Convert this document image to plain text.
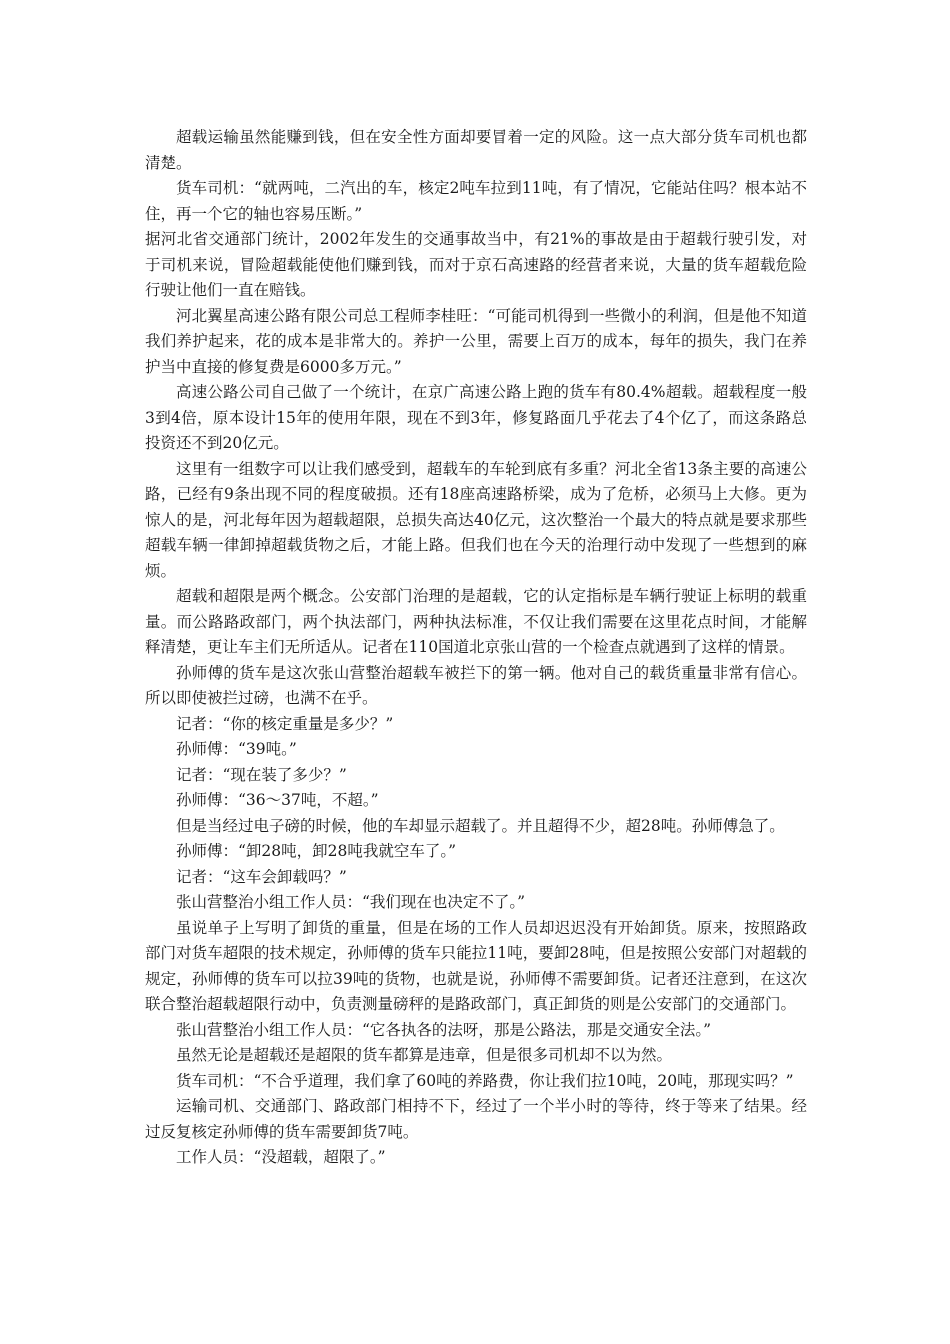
超载运输虽然能赚到钱，但在安全性方面却要冒着一定的风险。这一点大部分货车司机也都清楚。

货车司机：“就两吨，二汽出的车，核定2吨车拉到11吨，有了情况，它能站住吗？根本站不住，再一个它的轴也容易压断。”

据河北省交通部门统计，2002年发生的交通事故当中，有21%的事故是由于超载行驶引发，对于司机来说，冒险超载能使他们赚到钱，而对于京石高速路的经营者来说，大量的货车超载危险行驶让他们一直在赔钱。

河北翼星高速公路有限公司总工程师李桂旺：“可能司机得到一些微小的利润，但是他不知道我们养护起来，花的成本是非常大的。养护一公里，需要上百万的成本，每年的损失，我门在养护当中直接的修复费是6000多万元。”

高速公路公司自己做了一个统计，在京广高速公路上跑的货车有80.4%超载。超载程度一般3到4倍，原本设计15年的使用年限，现在不到3年，修复路面几乎花去了4个亿了，而这条路总投资还不到20亿元。

这里有一组数字可以让我们感受到，超载车的车轮到底有多重？河北全省13条主要的高速公路，已经有9条出现不同的程度破损。还有18座高速路桥梁，成为了危桥，必须马上大修。更为惊人的是，河北每年因为超载超限，总损失高达40亿元，这次整治一个最大的特点就是要求那些超载车辆一律卸掉超载货物之后，才能上路。但我们也在今天的治理行动中发现了一些想到的麻烦。

超载和超限是两个概念。公安部门治理的是超载，它的认定指标是车辆行驶证上标明的载重量。而公路路政部门，两个执法部门，两种执法标准，不仅让我们需要在这里花点时间，才能解释清楚，更让车主们无所适从。记者在110国道北京张山营的一个检查点就遇到了这样的情景。

孙师傅的货车是这次张山营整治超载车被拦下的第一辆。他对自己的载货重量非常有信心。所以即使被拦过磅，也满不在乎。

记者：“你的核定重量是多少？”

孙师傅：“39吨。”

记者：“现在装了多少？”

孙师傅：“36～37吨，不超。”

但是当经过电子磅的时候，他的车却显示超载了。并且超得不少，超28吨。孙师傅急了。

孙师傅：“卸28吨，卸28吨我就空车了。”

记者：“这车会卸载吗？”

张山营整治小组工作人员：“我们现在也决定不了。”

虽说单子上写明了卸货的重量，但是在场的工作人员却迟迟没有开始卸货。原来，按照路政部门对货车超限的技术规定，孙师傅的货车只能拉11吨，要卸28吨，但是按照公安部门对超载的规定，孙师傅的货车可以拉39吨的货物，也就是说，孙师傅不需要卸货。记者还注意到，在这次联合整治超载超限行动中，负责测量磅秤的是路政部门，真正卸货的则是公安部门的交通部门。

张山营整治小组工作人员：“它各执各的法呀，那是公路法，那是交通安全法。”

虽然无论是超载还是超限的货车都算是违章，但是很多司机却不以为然。

货车司机：“不合乎道理，我们拿了60吨的养路费，你让我们拉10吨，20吨，那现实吗？”

运输司机、交通部门、路政部门相持不下，经过了一个半小时的等待，终于等来了结果。经过反复核定孙师傅的货车需要卸货7吨。

工作人员：“没超载，超限了。”
